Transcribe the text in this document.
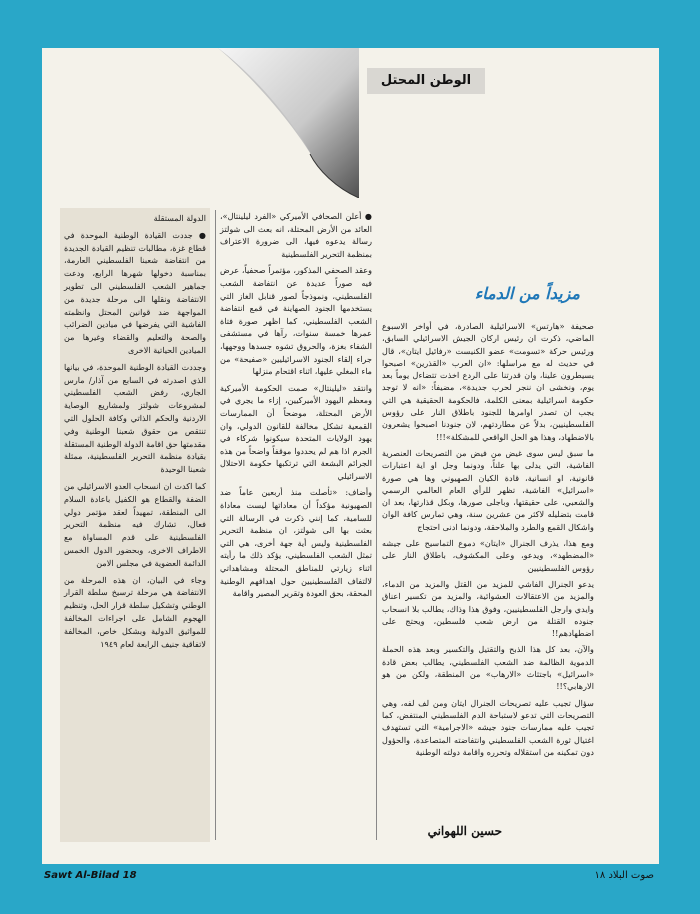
الوطن المحتل
مزيداً من الدماء

صحيفة «هارتس» الاسرائيلية الصادرة، في أواخر الاسبوع الماضي، ذكرت ان رئيس اركان الجيش الاسرائيلي السابق، ورئيس حركة «تسومت» عضو الكنيست «رفائيل ايتان»، قال في حديث له مع مراسلها: «ان العرب «القذرين» اصبحوا يسيطرون علينا، وان قدرتنا على الردع اخذت تتضاءل يوماً بعد يوم، ونخشى ان ننجر لحرب جديدة»، مضيفاً: «انه لا توجد حكومة اسرائيلية بمعنى الكلمة، فالحكومة الحقيقية هي التي يجب ان تصدر اوامرها للجنود باطلاق النار على رؤوس الفلسطينيين، بدلاً عن مطاردتهم، لان جنودنا اصبحوا يشعرون بالاضطهاد، وهذا هو الحل الواقعي للمشكلة»!!!

ما سبق ليس سوى غيض من فيض من التصريحات العنصرية الفاشية، التي يدلى بها علناً، ودونما وجل او اية اعتبارات قانونية، او انسانية، قادة الكيان الصهيوني وها هي صورة «اسرائيل» الفاشية، تظهر للرأي العام العالمي الرسمي والشعبي، على حقيقتها، وباجلى صورها، وبكل قذارتها، بعد ان قامت بتضليله لاكثر من عشرين سنة، وهي تمارس كافة الوان واشكال القمع والطرد والملاحقة، ودونما ادنى احتجاج

ومع هذا، يذرف الجنرال «ايتان» دموع التماسيح على جيشه «المضطهد»، ويدعو، وعلى المكشوف، باطلاق النار على رؤوس الفلسطينيين

يدعو الجنرال الفاشي للمزيد من القتل والمزيد من الدماء، والمزيد من الاعتقالات العشوائية، والمزيد من تكسير اعناق وايدي وارجل الفلسطينيين، وفوق هذا وذاك، يطالب بلا انسحاب جنوده القتلة من ارض شعب فلسطين، ويحتج على اضطهادهم!!

والآن، بعد كل هذا الذبح والتقتيل والتكسير وبعد هذه الحملة الدموية الظالمة ضد الشعب الفلسطيني، يطالب بعض قادة «اسرائيل» باجتثاث «الارهاب» من المنطقة، ولكن من هو الارهابي؟!!

سؤال تجيب عليه تصريحات الجنرال ايتان ومن لف لفه، وهي التصريحات التي تدعو لاستباحة الدم الفلسطيني المنتفض، كما تجيب عليه ممارسات جنود جيشه «الاجرامية» التي تستهدف اغتيال ثورة الشعب الفلسطيني وانتفاضته المتصاعدة، والحؤول دون تمكينه من استقلاله وتحرره واقامة دولته الوطنية

● أعلن الصحافي الأميركي «الفرد ليلينتال»، العائد من الأرض المحتلة، انه بعث الى شولتز رسالة يدعوه فيها، الى ضرورة الاعتراف بمنظمة التحرير الفلسطينية

وعقد الصحفي المذكور، مؤتمراً صحفياً، عرض فيه صوراً عديدة عن انتفاضة الشعب الفلسطيني، ونموذجاً لصور قنابل الغاز التي يستخدمها الجنود الصهاينة في قمع انتفاضة الشعب الفلسطيني، كما اظهر صورة فتاة عمرها خمسة سنوات، رآها في مستشفى الشفاء بغزة، والحروق تشوه جسدها ووجهها، جراء إلقاء الجنود الاسرائيليين «صفيحة» من ماء المغلي عليها، اثناء اقتحام منزلها

وانتقد «ليلينتال» صمت الحكومة الأميركية ومعظم اليهود الأميركيين، إزاء ما يجري في الأرض المحتلة، موضحاً أن الممارسات القمعية تشكل مخالفة للقانون الدولي، وان يهود الولايات المتحدة سيكونوا شركاء في الجرم اذا هم لم يحددوا موقفاً واضحاً من هذه الجرائم البشعة التي ترتكبها حكومة الاحتلال الاسرائيلي

وأضاف: «تأصلت منذ أربعين عاماً ضد الصهيونية مؤكداً أن معاداتها ليست معاداة للسامية، كما إنني ذكرت في الرسالة التي بعثت بها الى شولتز، ان منظمة التحرير الفلسطينية وليس أية جهة أخرى، هي التي تمثل الشعب الفلسطيني، يؤكد ذلك ما رأيته اثناء زيارتي للمناطق المحتلة ومشاهداتي لالتفاف الفلسطينيين حول اهدافهم الوطنية المحقة، بحق العودة وتقرير المصير واقامة

الدولة المستقلة

● جددت القيادة الوطنية الموحدة في قطاع غزة، مطالبات تنظيم القيادة الجديدة من انتفاضة شعبنا الفلسطيني العارمة، بمناسبة دخولها شهرها الرابع، ودعت جماهير الشعب الفلسطيني الى تطوير الانتفاضة ونقلها الى مرحلة جديدة من المواجهة ضد قوانين المحتل وانظمته الفاشية التي يفرضها في ميادين الضرائب والصحة والتعليم والقضاء وغيرها من الميادين الحياتية الاخرى

وجددت القيادة الوطنية الموحدة، في بيانها الذي اصدرته في السابع من آذار/ مارس الجاري، رفض الشعب الفلسطيني لمشروعات شولتز ولمشاريع الوصاية الاردنية والحكم الذاتي وكافة الحلول التي تنتقص من حقوق شعبنا الوطنية وفي مقدمتها حق اقامة الدولة الوطنية المستقلة بقيادة منظمة التحرير الفلسطينية، ممثلة شعبنا الوحيدة

كما اكدت ان انسحاب العدو الاسرائيلي من الضفة والقطاع هو الكفيل باعادة السلام الى المنطقة، تمهيداً لعقد مؤتمر دولي فعال، تشارك فيه منظمة التحرير الفلسطينية على قدم المساواة مع الاطراف الاخرى، وبحضور الدول الخمس الدائمة العضوية في مجلس الامن

وجاء في البيان، ان هذه المرحلة من الانتفاضة هي مرحلة ترسيخ سلطة القرار الوطني وتشكيل سلطة قرار الحل، وتنظيم الهجوم الشامل على اجراءات المخالفة للمواثيق الدولية وبشكل خاص، المخالفة لاتفاقية جنيف الرابعة لعام ١٩٤٩

حسين اللهواني
Sawt Al-Bilad 18	صوت البلاد ١٨
